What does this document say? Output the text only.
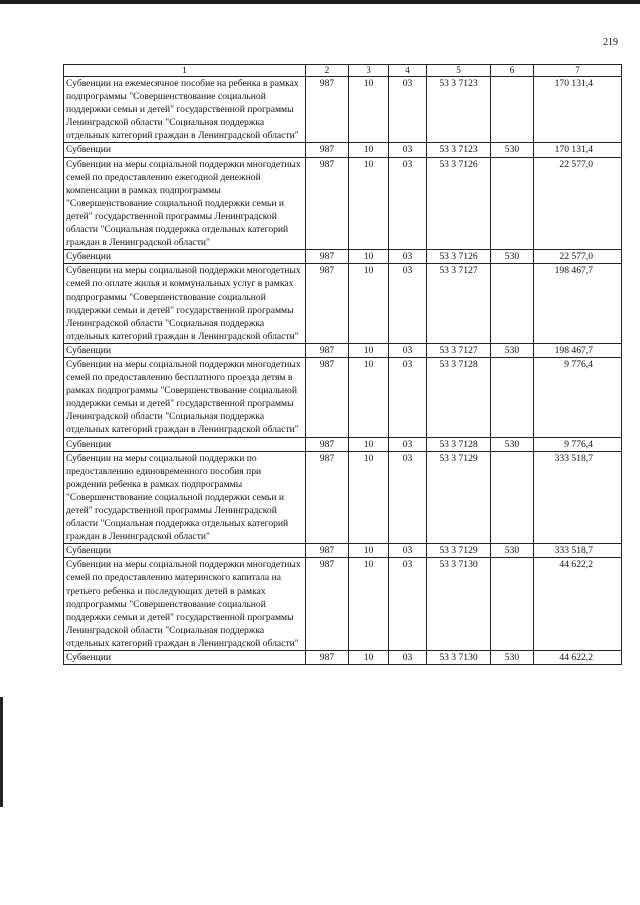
219
1	2	3	4	5	6	7
Субвенции на ежемесячное пособие на ребенка в рамках подпрограммы "Совершенствование социальной поддержки семьи и детей" государственной программы Ленинградской области "Социальная поддержка отдельных категорий граждан в Ленинградской области"	987	10	03	53 3 7123		170 131,4
Субвенции	987	10	03	53 3 7123	530	170 131,4
Субвенции на меры социальной поддержки многодетных семей по предоставлению ежегодной денежной компенсации в рамках подпрограммы "Совершенствование социальной поддержки семьи и детей" государственной программы Ленинградской области "Социальная поддержка отдельных категорий граждан в Ленинградской области"	987	10	03	53 3 7126		22 577,0
Субвенции	987	10	03	53 3 7126	530	22 577,0
Субвенции на меры социальной поддержки многодетных семей по оплате жилья и коммунальных услуг в рамках подпрограммы "Совершенствование социальной поддержки семьи и детей" государственной программы Ленинградской области "Социальная поддержка отдельных категорий граждан в Ленинградской области"	987	10	03	53 3 7127		198 467,7
Субвенции	987	10	03	53 3 7127	530	198 467,7
Субвенции на меры социальной поддержки многодетных семей по предоставлению бесплатного проезда детям в рамках подпрограммы "Совершенствование социальной поддержки семьи и детей" государственной программы Ленинградской области "Социальная поддержка отдельных категорий граждан в Ленинградской области"	987	10	03	53 3 7128		9 776,4
Субвенции	987	10	03	53 3 7128	530	9 776,4
Субвенции на меры социальной поддержки по предоставлению единовременного пособия при рождении ребенка в рамках подпрограммы "Совершенствование социальной поддержки семьи и детей" государственной программы Ленинградской области "Социальная поддержка отдельных категорий граждан в Ленинградской области"	987	10	03	53 3 7129		333 518,7
Субвенции	987	10	03	53 3 7129	530	333 518,7
Субвенции на меры социальной поддержки многодетных семей по предоставлению материнского капитала на третьего ребенка и последующих детей в рамках подпрограммы "Совершенствование социальной поддержки семьи и детей" государственной программы Ленинградской области "Социальная поддержка отдельных категорий граждан в Ленинградской области"	987	10	03	53 3 7130		44 622,2
Субвенции	987	10	03	53 3 7130	530	44 622,2
